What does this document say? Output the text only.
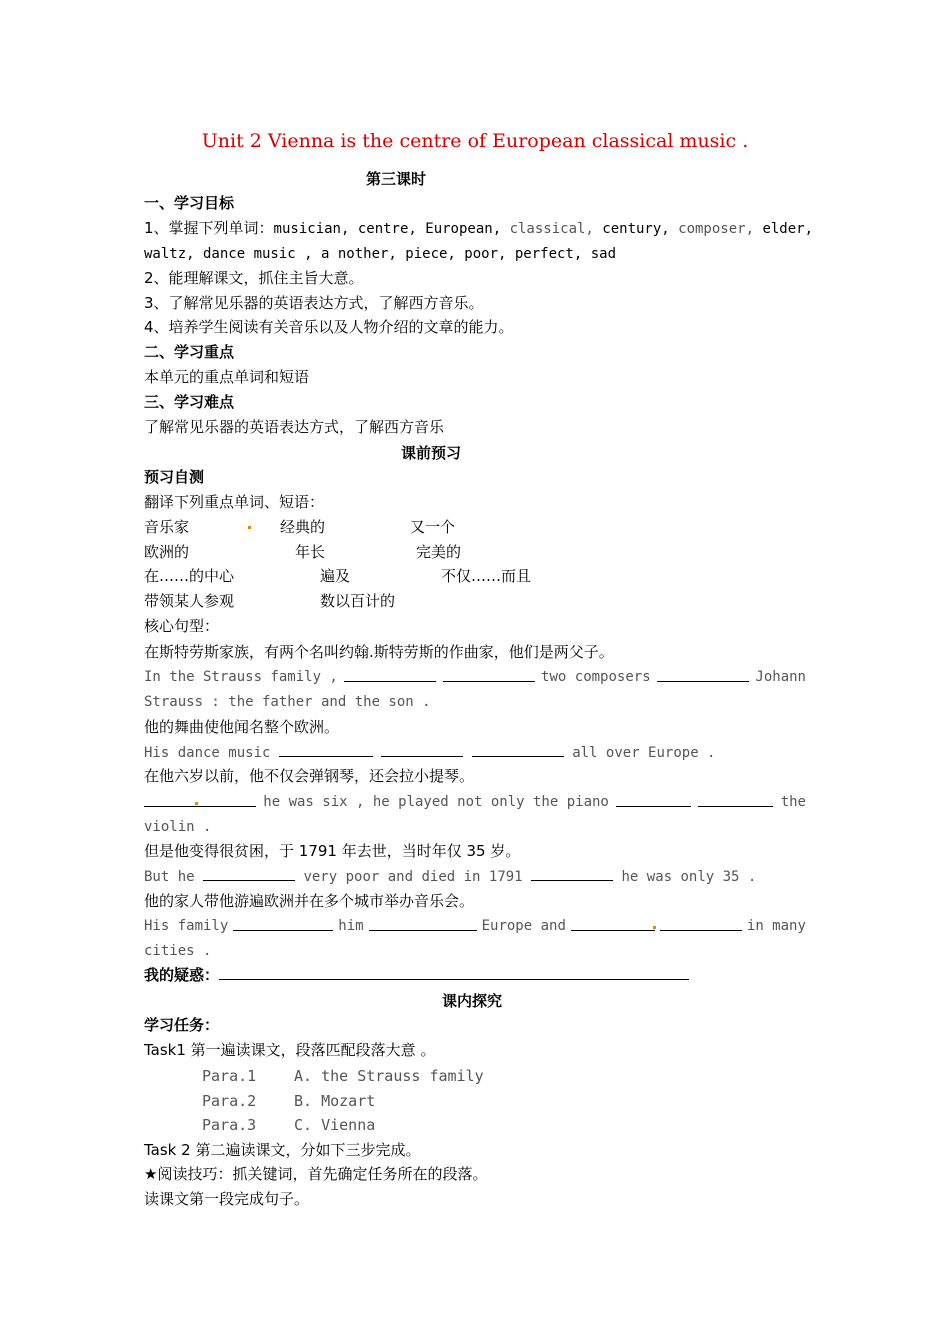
Unit 2 Vienna is the centre of European classical music .
第三课时
一、学习目标
1、掌握下列单词：musician, centre, European, classical, century, composer, elder,
waltz, dance music , a nother, piece, poor, perfect, sad
2、能理解课文，抓住主旨大意。
3、了解常见乐器的英语表达方式，了解西方音乐。
4、培养学生阅读有关音乐以及人物介绍的文章的能力。
二、学习重点
本单元的重点单词和短语
三、学习难点
了解常见乐器的英语表达方式，了解西方音乐
课前预习
预习自测
翻译下列重点单词、短语：
音乐家	经典的	又一个
欧洲的	年长	完美的
在……的中心	遍及	不仅……而且
带领某人参观	数以百计的
核心句型：
在斯特劳斯家族，有两个名叫约翰.斯特劳斯的作曲家，他们是两父子。
In the Strauss family ,	two composers	Johann
Strauss : the father and the son .
他的舞曲使他闻名整个欧洲。
His dance music	all over Europe .
在他六岁以前，他不仅会弹钢琴，还会拉小提琴。
he was six , he played not only the piano	the
violin .
但是他变得很贫困，于 1791 年去世，当时年仅 35 岁。
But he	very poor and died in 1791	he was only 35 .
他的家人带他游遍欧洲并在多个城市举办音乐会。
His family	him	Europe and	in many
cities .
我的疑惑：
课内探究
学习任务：
Task1 第一遍读课文，段落匹配段落大意 。
Para.1	A. the Strauss family
Para.2	B. Mozart
Para.3	C. Vienna
Task 2 第二遍读课文，分如下三步完成。
★阅读技巧：抓关键词，首先确定任务所在的段落。
读课文第一段完成句子。
